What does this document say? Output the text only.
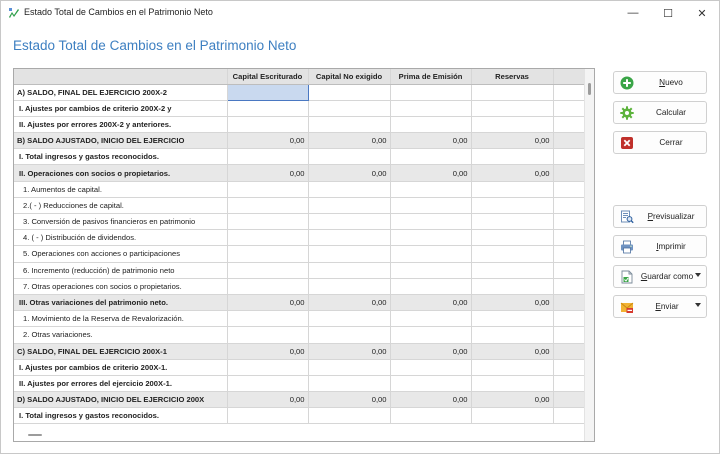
Estado Total de Cambios en el Patrimonio Neto	— ☐ ✕
Estado Total de Cambios en el Patrimonio Neto
	Capital Escriturado	Capital No exigido	Prima de Emisión	Reservas	
A) SALDO, FINAL DEL EJERCICIO 200X-2					
I. Ajustes por cambios de criterio 200X-2 y					
II. Ajustes por errores 200X-2 y anteriores.					
B) SALDO AJUSTADO, INICIO DEL EJERCICIO	0,00	0,00	0,00	0,00	
I. Total ingresos y gastos reconocidos.					
II. Operaciones con socios o propietarios.	0,00	0,00	0,00	0,00	
1. Aumentos de capital.					
2.( - ) Reducciones de capital.					
3. Conversión de pasivos financieros en patrimonio					
4. ( - ) Distribución de dividendos.					
5. Operaciones con acciones o participaciones					
6. Incremento (reducción) de patrimonio neto					
7. Otras operaciones con socios o propietarios.					
III. Otras variaciones del patrimonio neto.	0,00	0,00	0,00	0,00	
1. Movimiento de la Reserva de Revalorización.					
2. Otras variaciones.					
C) SALDO, FINAL DEL EJERCICIO 200X-1	0,00	0,00	0,00	0,00	
I. Ajustes por cambios de criterio 200X-1.					
II. Ajustes por errores del ejercicio 200X-1.					
D) SALDO AJUSTADO, INICIO DEL EJERCICIO 200X	0,00	0,00	0,00	0,00	
I. Total ingresos y gastos reconocidos.					
Nuevo
Calcular
Cerrar
Previsualizar
Imprimir
Guardar como
Enviar
